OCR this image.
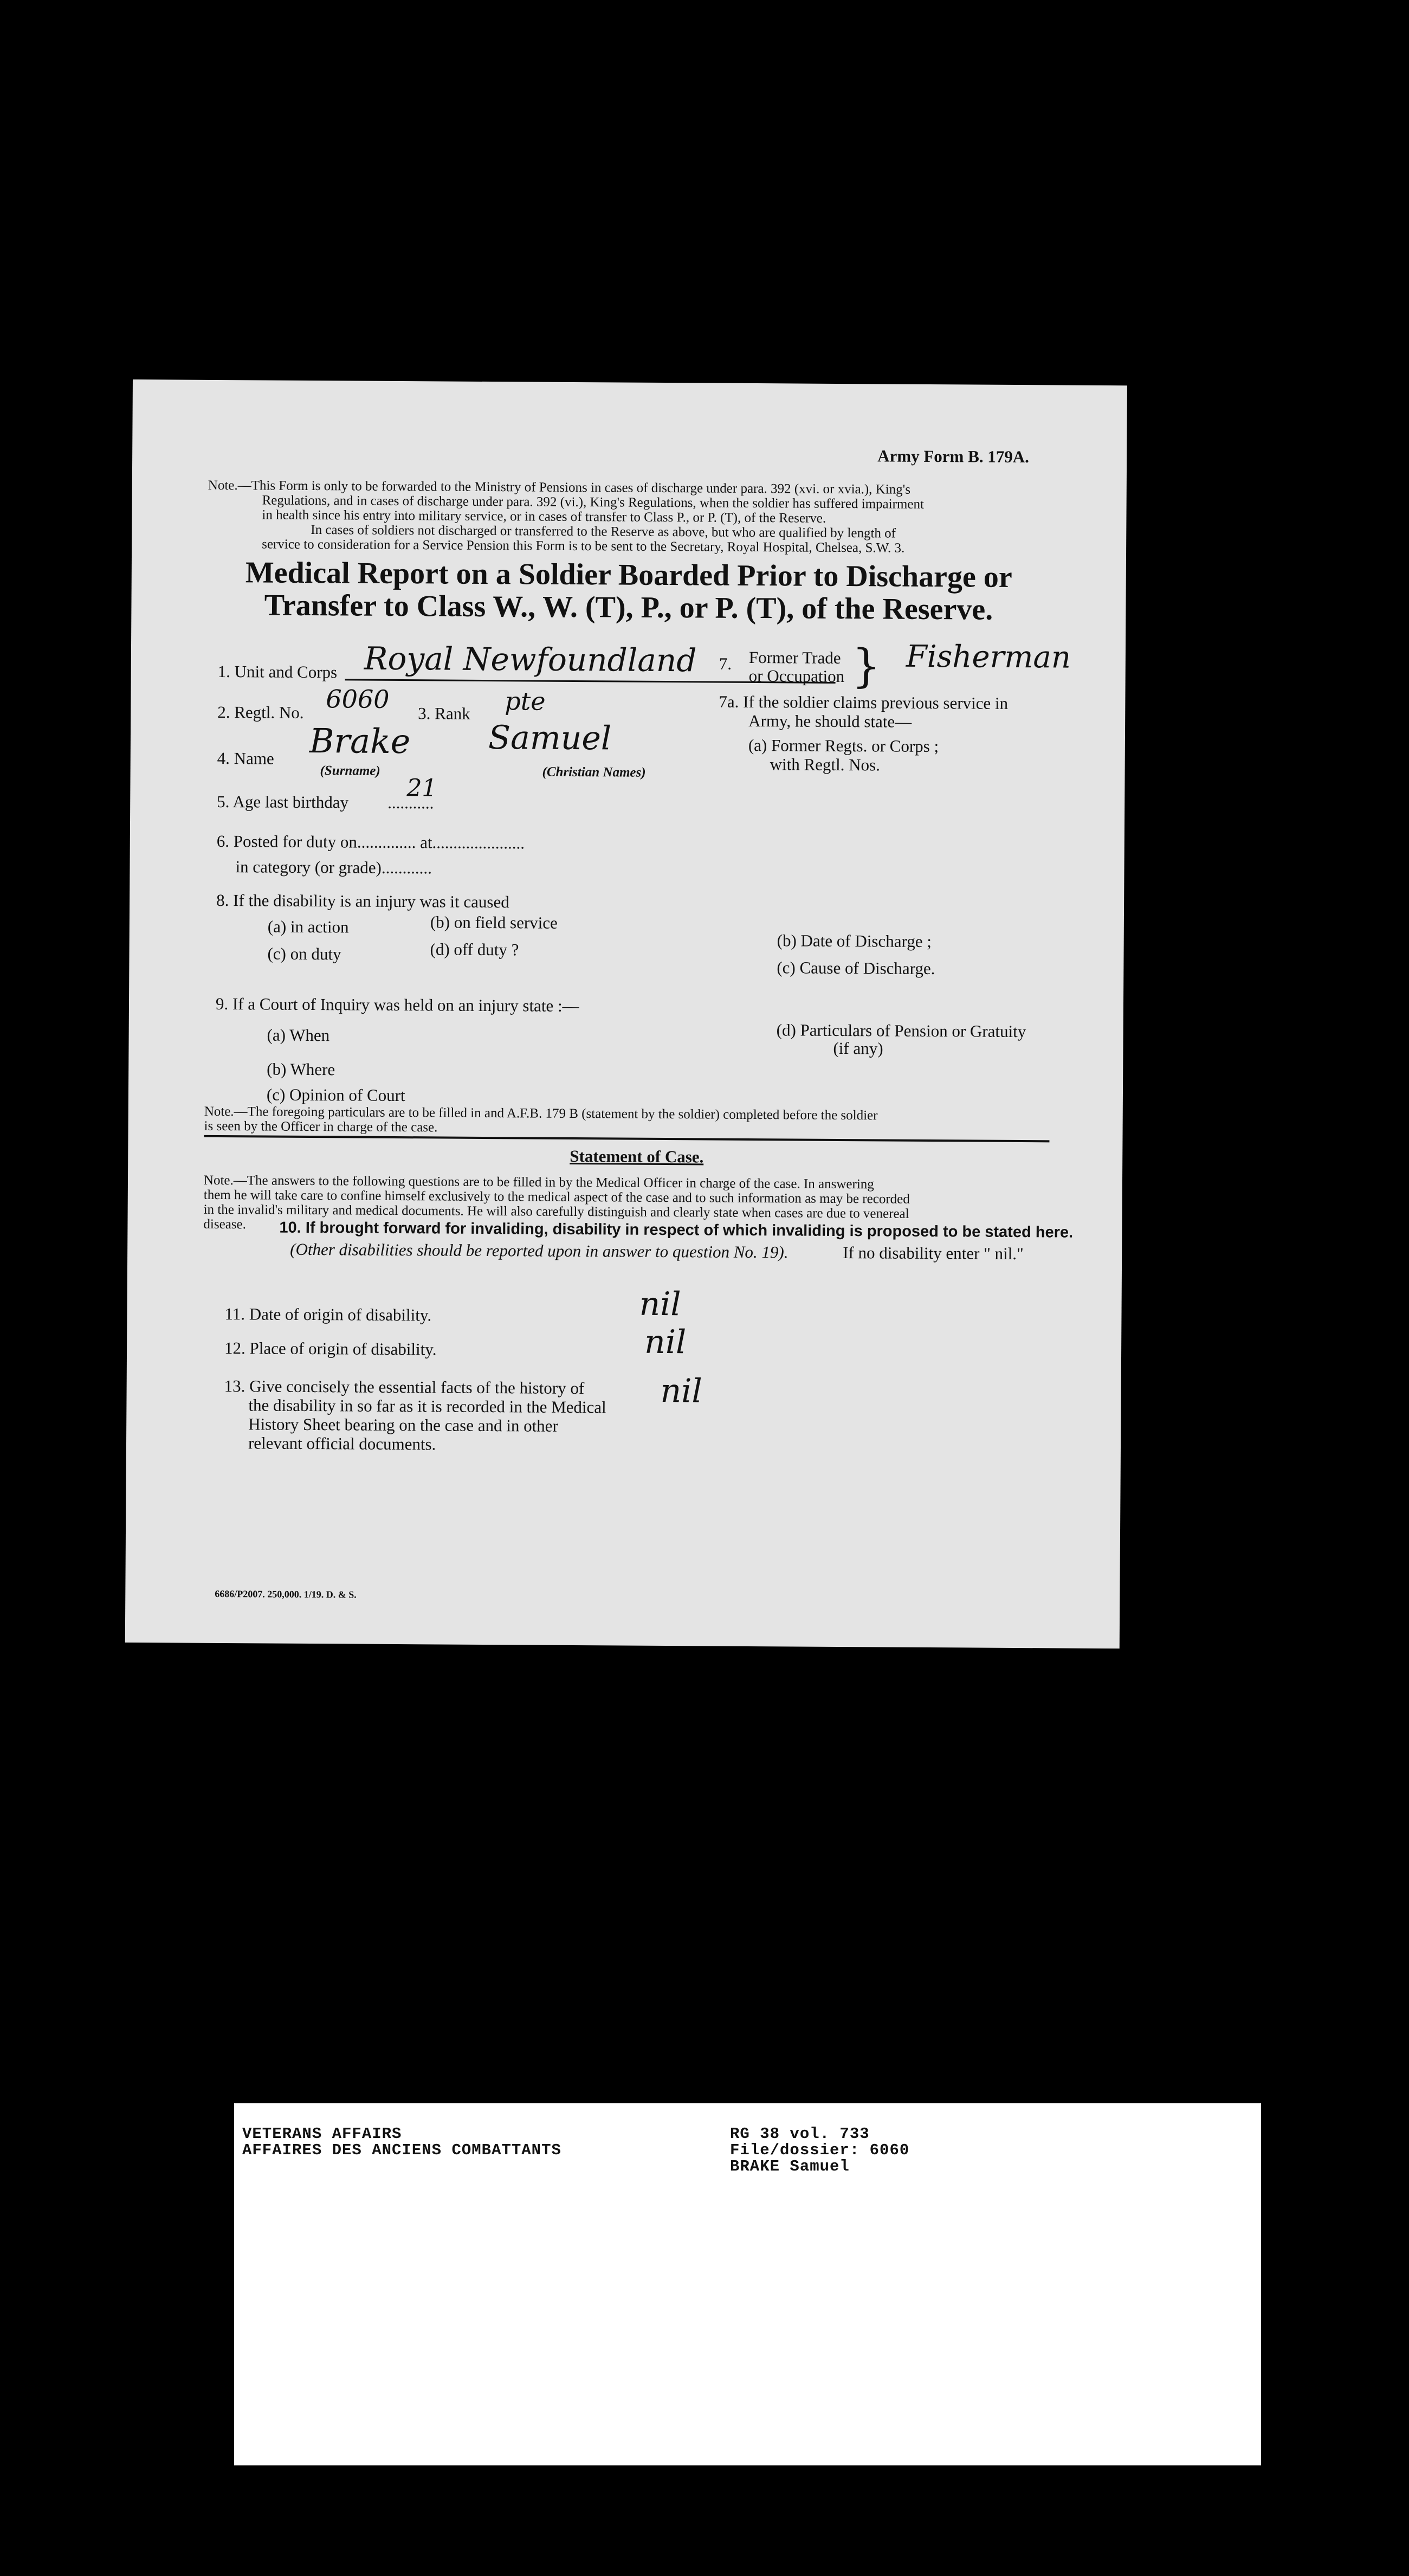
Army Form B. 179A.

Note.—This Form is only to be forwarded to the Ministry of Pensions in cases of discharge under para. 392 (xvi. or xvia.), King's

Regulations, and in cases of discharge under para. 392 (vi.), King's Regulations, when the soldier has suffered impairment

in health since his entry into military service, or in cases of transfer to Class P., or P. (T), of the Reserve.

In cases of soldiers not discharged or transferred to the Reserve as above, but who are qualified by length of

service to consideration for a Service Pension this Form is to be sent to the Secretary, Royal Hospital, Chelsea, S.W. 3.

Medical Report on a Soldier Boarded Prior to Discharge or

Transfer to Class W., W. (T), P., or P. (T), of the Reserve.

1. Unit and Corps Royal Newfoundland

2. Regtl. No. 6060 3. Rank pte

4. Name Brake Samuel

(Surname)	(Christian Names)

5. Age last birthday ...........
21

6. Posted for duty on.............. at......................

in category (or grade)............

7. Former Trade

or Occupation } Fisherman

7a. If the soldier claims previous service in

Army, he should state—

(a) Former Regts. or Corps ;

with Regtl. Nos.

8. If the disability is an injury was it caused

(a) in action	(b) on field service

(c) on duty	(d) off duty ?	(b) Date of Discharge ;

(c) Cause of Discharge.

9. If a Court of Inquiry was held on an injury state :—

(a) When

(b) Where

(c) Opinion of Court

(d) Particulars of Pension or Gratuity

(if any)

Note.—The foregoing particulars are to be filled in and A.F.B. 179 B (statement by the soldier) completed before the soldier

is seen by the Officer in charge of the case.

Statement of Case.

Note.—The answers to the following questions are to be filled in by the Medical Officer in charge of the case. In answering

them he will take care to confine himself exclusively to the medical aspect of the case and to such information as may be recorded

in the invalid's military and medical documents. He will also carefully distinguish and clearly state when cases are due to venereal

disease. 10. If brought forward for invaliding, disability in respect of which invaliding is proposed to be stated here.

(Other disabilities should be reported upon in answer to question No. 19).	If no disability enter " nil."

11. Date of origin of disability.	nil

12. Place of origin of disability.	nil

13. Give concisely the essential facts of the history of

the disability in so far as it is recorded in the Medical

History Sheet bearing on the case and in other

relevant official documents.

nil

6686/P2007. 250,000. 1/19. D. & S.

VETERANS AFFAIRS
AFFAIRES DES ANCIENS COMBATTANTS
RG 38 vol. 733
File/dossier: 6060
BRAKE Samuel
